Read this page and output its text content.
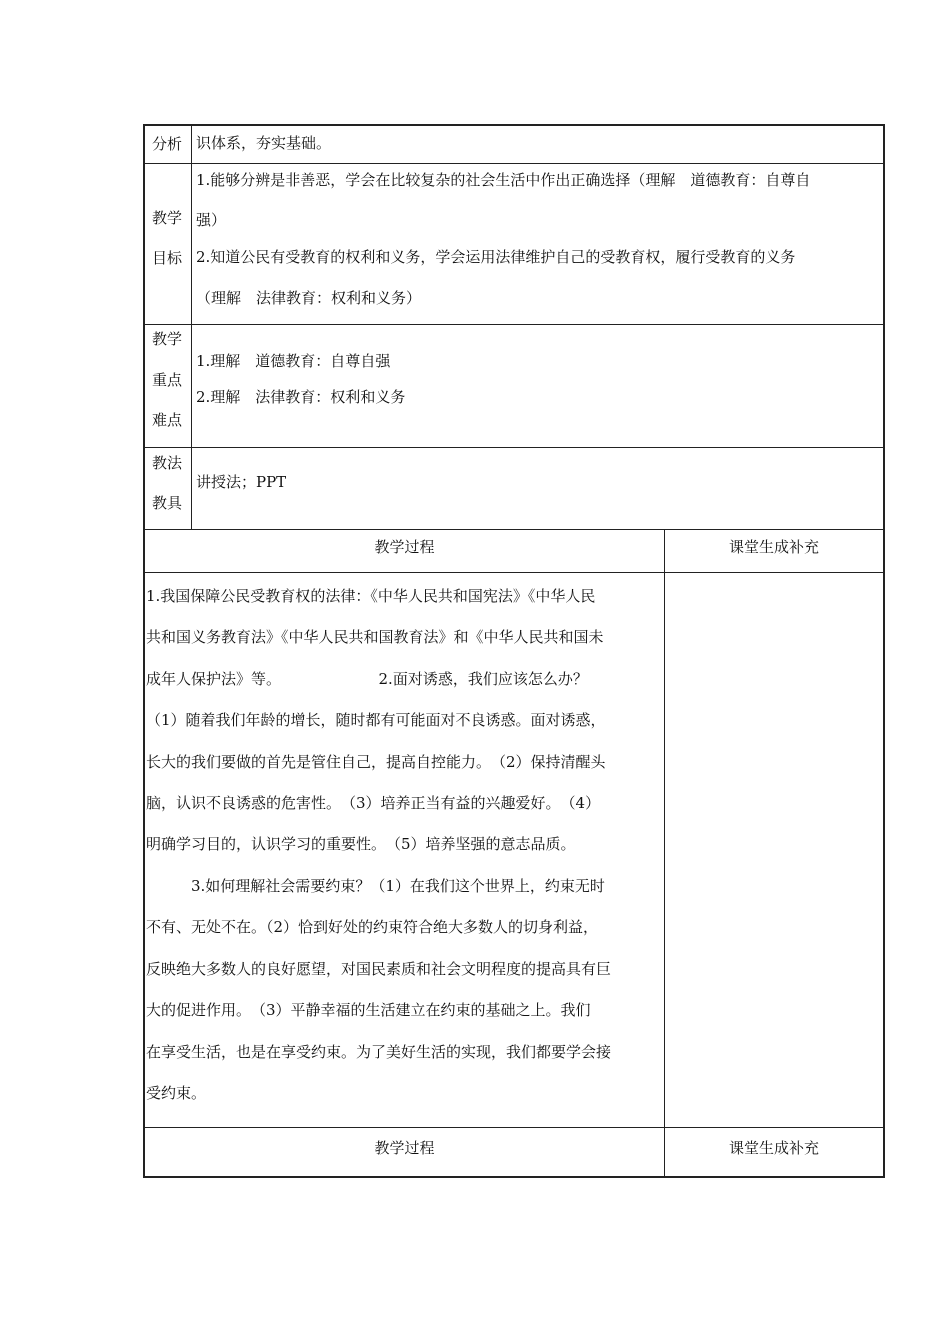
分析 识体系，夯实基础。
教学
目标
1.能够分辨是非善恶，学会在比较复杂的社会生活中作出正确选择（理解　道德教育：自尊自
强）
2.知道公民有受教育的权利和义务，学会运用法律维护自己的受教育权，履行受教育的义务
（理解　法律教育：权利和义务）
教学
重点
难点
1.理解　道德教育：自尊自强
2.理解　法律教育：权利和义务
教法
教具
讲授法；PPT
教学过程	课堂生成补充
1.我国保障公民受教育权的法律：《中华人民共和国宪法》《中华人民
共和国义务教育法》《中华人民共和国教育法》和《中华人民共和国未
成年人保护法》等。　　　　　　　2.面对诱惑，我们应该怎么办？
（1）随着我们年龄的增长，随时都有可能面对不良诱惑。面对诱惑，
长大的我们要做的首先是管住自己，提高自控能力。　（2）保持清醒头
脑，认识不良诱惑的危害性。　（3）培养正当有益的兴趣爱好。　（4）
明确学习目的，认识学习的重要性。　（5）培养坚强的意志品质。
　　　3.如何理解社会需要约束？（1）在我们这个世界上，约束无时
不有、无处不在。（2）恰到好处的约束符合绝大多数人的切身利益，
反映绝大多数人的良好愿望，对国民素质和社会文明程度的提高具有巨
大的促进作用。　（3）平静幸福的生活建立在约束的基础之上。我们
在享受生活，也是在享受约束。为了美好生活的实现，我们都要学会接
受约束。
教学过程	课堂生成补充
